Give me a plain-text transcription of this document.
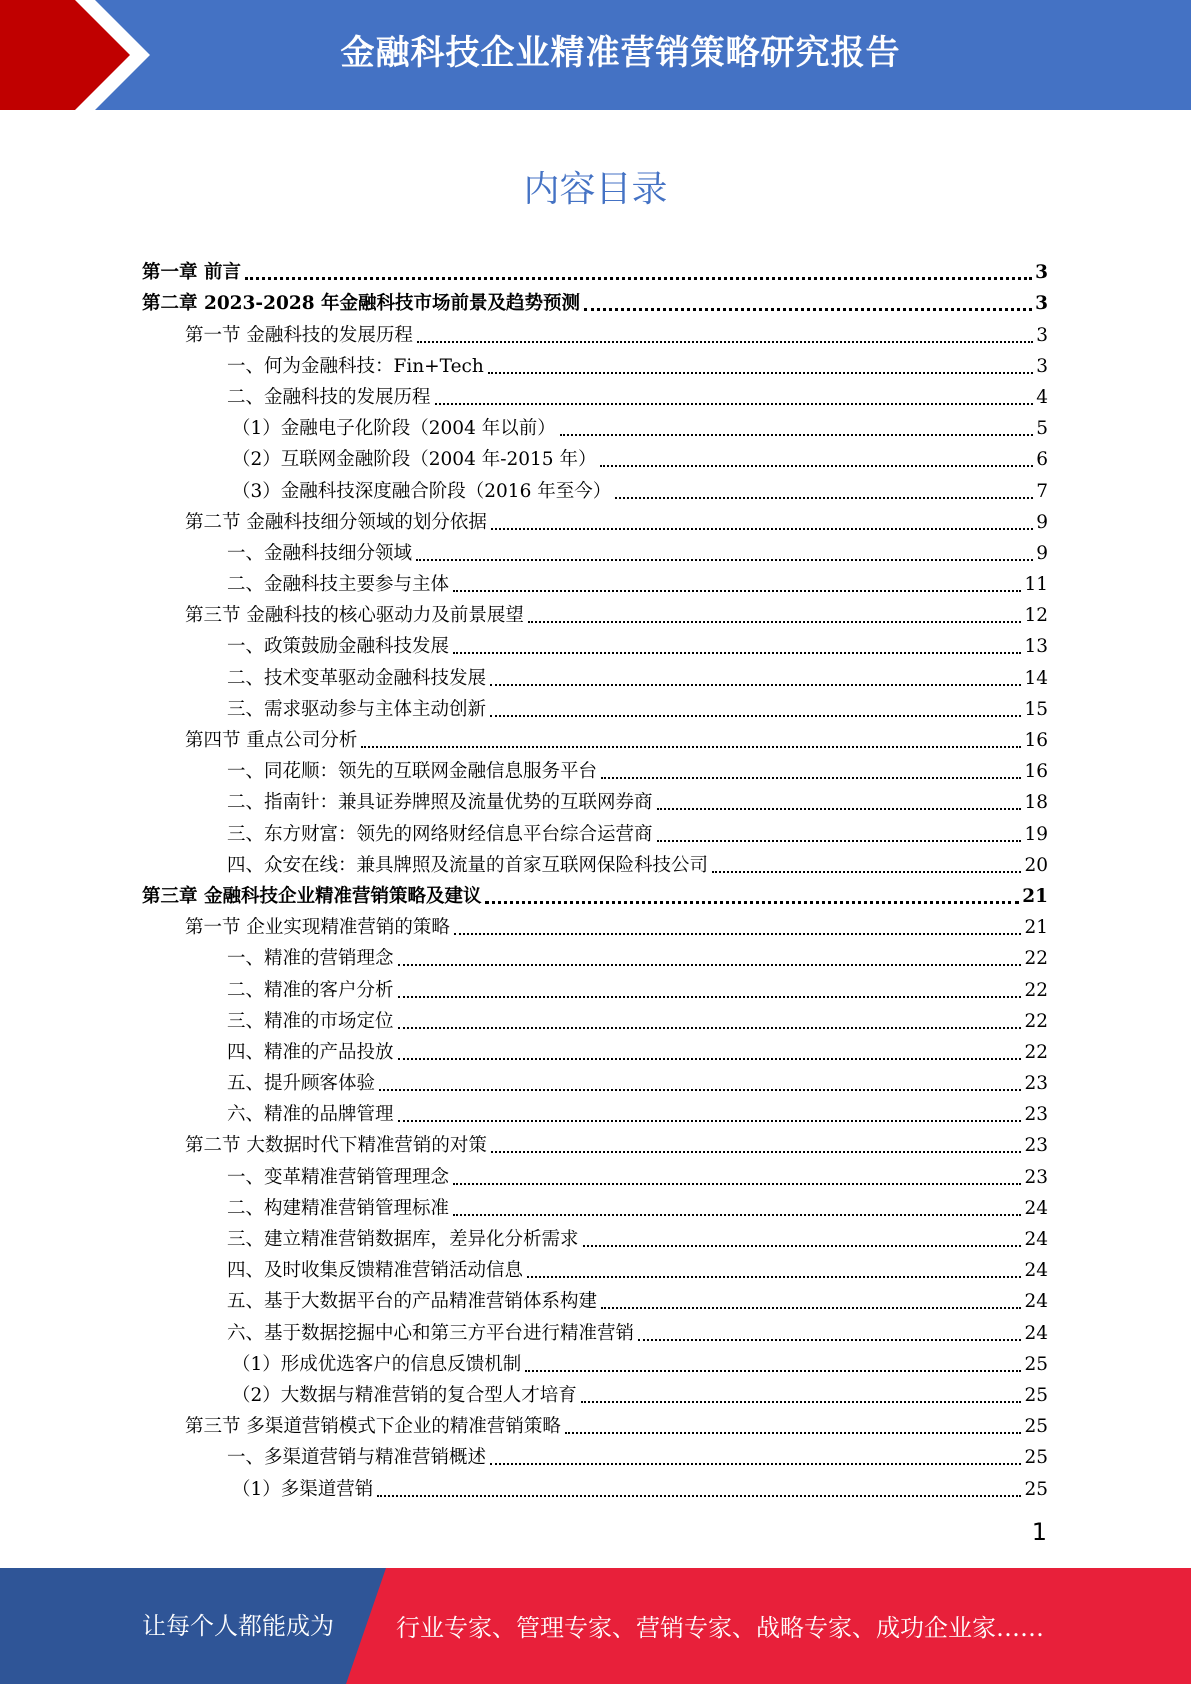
金融科技企业精准营销策略研究报告
内容目录
第一章 前言	3
第二章 2023-2028 年金融科技市场前景及趋势预测	3
第一节 金融科技的发展历程	3
一、何为金融科技：Fin+Tech	3
二、金融科技的发展历程	4
（1）金融电子化阶段（2004 年以前）	5
（2）互联网金融阶段（2004 年-2015 年）	6
（3）金融科技深度融合阶段（2016 年至今）	7
第二节 金融科技细分领域的划分依据	9
一、金融科技细分领域	9
二、金融科技主要参与主体	11
第三节 金融科技的核心驱动力及前景展望	12
一、政策鼓励金融科技发展	13
二、技术变革驱动金融科技发展	14
三、需求驱动参与主体主动创新	15
第四节 重点公司分析	16
一、同花顺：领先的互联网金融信息服务平台	16
二、指南针：兼具证券牌照及流量优势的互联网券商	18
三、东方财富：领先的网络财经信息平台综合运营商	19
四、众安在线：兼具牌照及流量的首家互联网保险科技公司	20
第三章 金融科技企业精准营销策略及建议	21
第一节 企业实现精准营销的策略	21
一、精准的营销理念	22
二、精准的客户分析	22
三、精准的市场定位	22
四、精准的产品投放	22
五、提升顾客体验	23
六、精准的品牌管理	23
第二节 大数据时代下精准营销的对策	23
一、变革精准营销管理理念	23
二、构建精准营销管理标准	24
三、建立精准营销数据库，差异化分析需求	24
四、及时收集反馈精准营销活动信息	24
五、基于大数据平台的产品精准营销体系构建	24
六、基于数据挖掘中心和第三方平台进行精准营销	24
（1）形成优选客户的信息反馈机制	25
（2）大数据与精准营销的复合型人才培育	25
第三节 多渠道营销模式下企业的精准营销策略	25
一、多渠道营销与精准营销概述	25
（1）多渠道营销	25
1
让每个人都能成为	行业专家、管理专家、营销专家、战略专家、成功企业家……
